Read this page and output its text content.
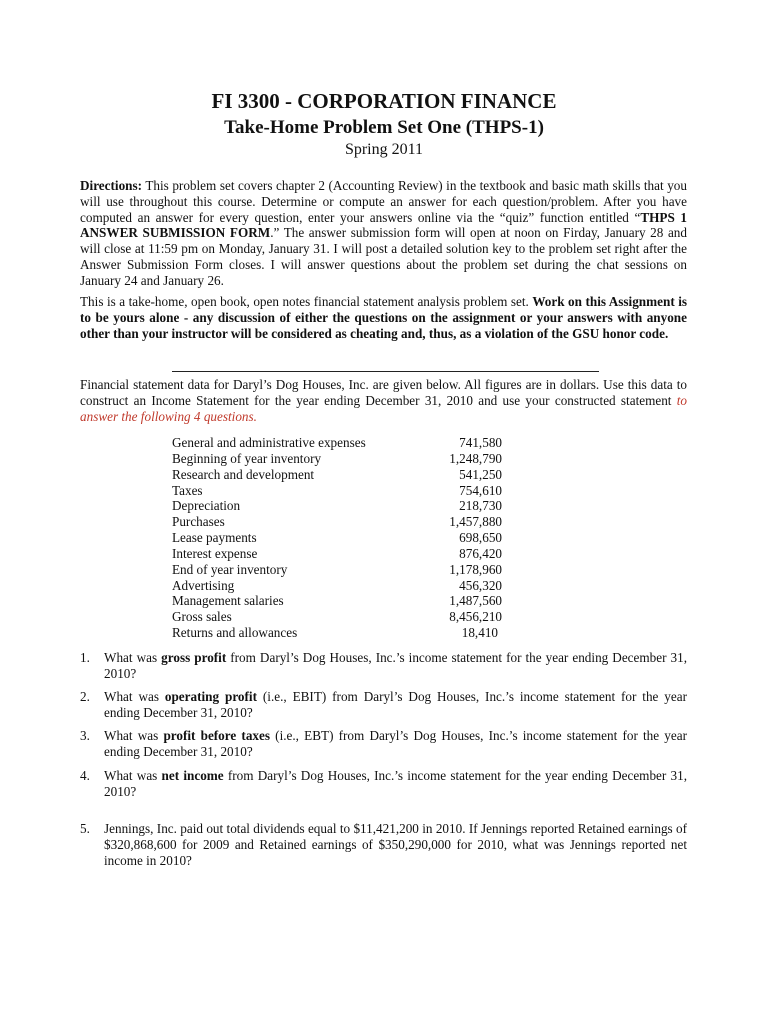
FI 3300 - CORPORATION FINANCE
Take-Home Problem Set One (THPS-1)
Spring 2011
Directions: This problem set covers chapter 2 (Accounting Review) in the textbook and basic math skills that you will use throughout this course. Determine or compute an answer for each question/problem. After you have computed an answer for every question, enter your answers online via the “quiz” function entitled “THPS 1 ANSWER SUBMISSION FORM.” The answer submission form will open at noon on Firday, January 28 and will close at 11:59 pm on Monday, January 31. I will post a detailed solution key to the problem set right after the Answer Submission Form closes. I will answer questions about the problem set during the chat sessions on January 24 and January 26.
This is a take-home, open book, open notes financial statement analysis problem set. Work on this Assignment is to be yours alone - any discussion of either the questions on the assignment or your answers with anyone other than your instructor will be considered as cheating and, thus, as a violation of the GSU honor code.
Financial statement data for Daryl’s Dog Houses, Inc. are given below. All figures are in dollars. Use this data to construct an Income Statement for the year ending December 31, 2010 and use your constructed statement to answer the following 4 questions.
General and administrative expenses	741,580
Beginning of year inventory	1,248,790
Research and development	541,250
Taxes	754,610
Depreciation	218,730
Purchases	1,457,880
Lease payments	698,650
Interest expense	876,420
End of year inventory	1,178,960
Advertising	456,320
Management salaries	1,487,560
Gross sales	8,456,210
Returns and allowances	18,410
1. What was gross profit from Daryl’s Dog Houses, Inc.’s income statement for the year ending December 31, 2010?
2. What was operating profit (i.e., EBIT) from Daryl’s Dog Houses, Inc.’s income statement for the year ending December 31, 2010?
3. What was profit before taxes (i.e., EBT) from Daryl’s Dog Houses, Inc.’s income statement for the year ending December 31, 2010?
4. What was net income from Daryl’s Dog Houses, Inc.’s income statement for the year ending December 31, 2010?
5. Jennings, Inc. paid out total dividends equal to $11,421,200 in 2010. If Jennings reported Retained earnings of $320,868,600 for 2009 and Retained earnings of $350,290,000 for 2010, what was Jennings reported net income in 2010?
